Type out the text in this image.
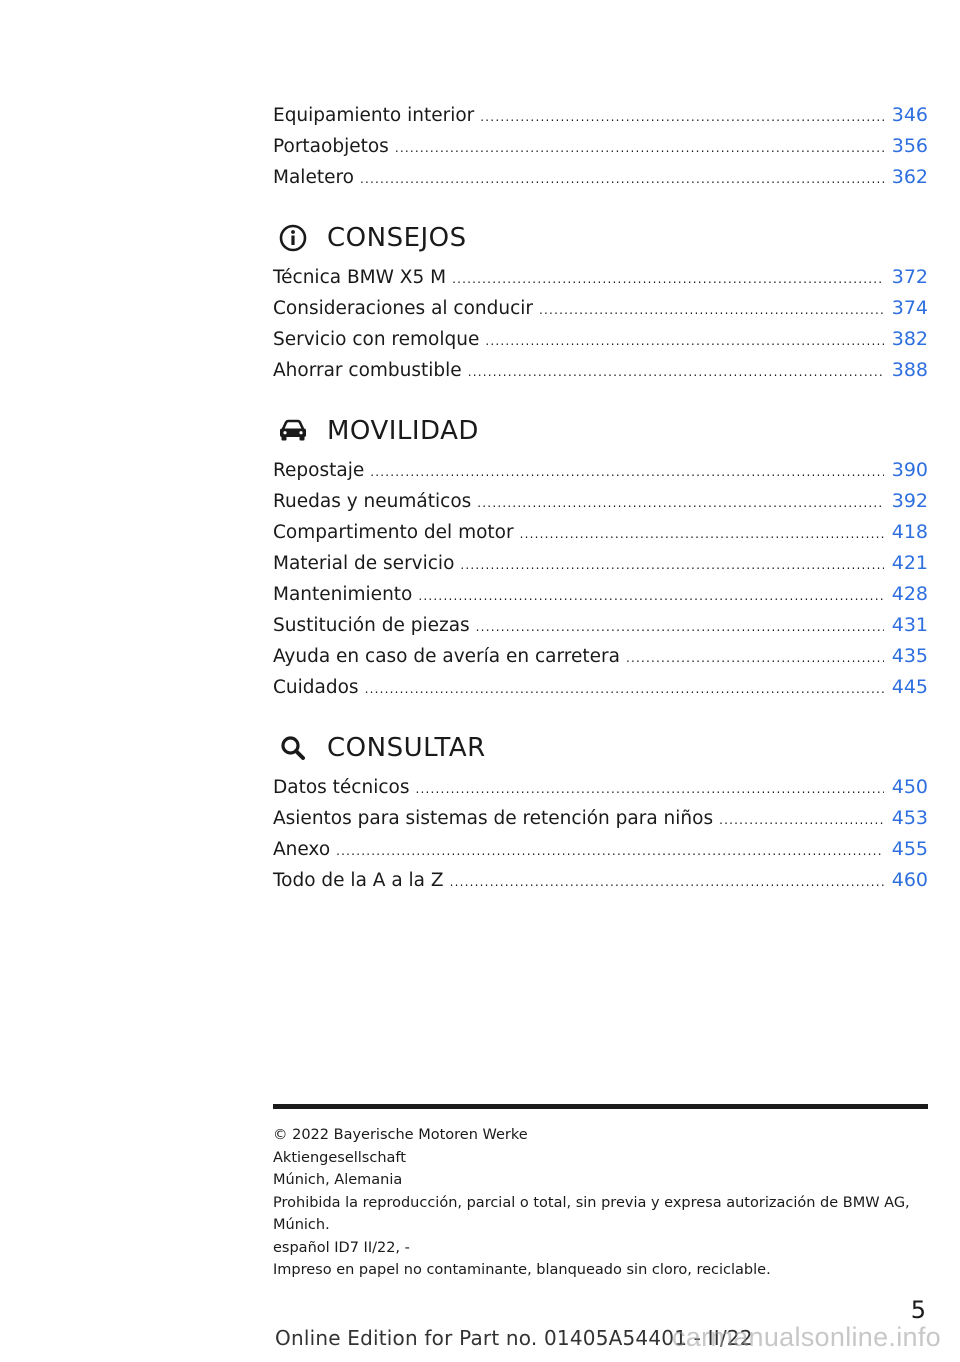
Equipamiento interior .....	346
Portaobjetos .....	356
Maletero .....	362
CONSEJOS
Técnica BMW X5 M .....	372
Consideraciones al conducir .....	374
Servicio con remolque .....	382
Ahorrar combustible .....	388
MOVILIDAD
Repostaje .....	390
Ruedas y neumáticos .....	392
Compartimento del motor .....	418
Material de servicio .....	421
Mantenimiento .....	428
Sustitución de piezas .....	431
Ayuda en caso de avería en carretera .....	435
Cuidados .....	445
CONSULTAR
Datos técnicos .....	450
Asientos para sistemas de retención para niños .....	453
Anexo .....	455
Todo de la A a la Z .....	460
© 2022 Bayerische Motoren Werke
Aktiengesellschaft
Múnich, Alemania
Prohibida la reproducción, parcial o total, sin previa y expresa autorización de BMW AG,
Múnich.
español ID7 II/22, -
Impreso en papel no contaminante, blanqueado sin cloro, reciclable.
5
Online Edition for Part no. 01405A54401 - II/22
carmanualsonline.info
